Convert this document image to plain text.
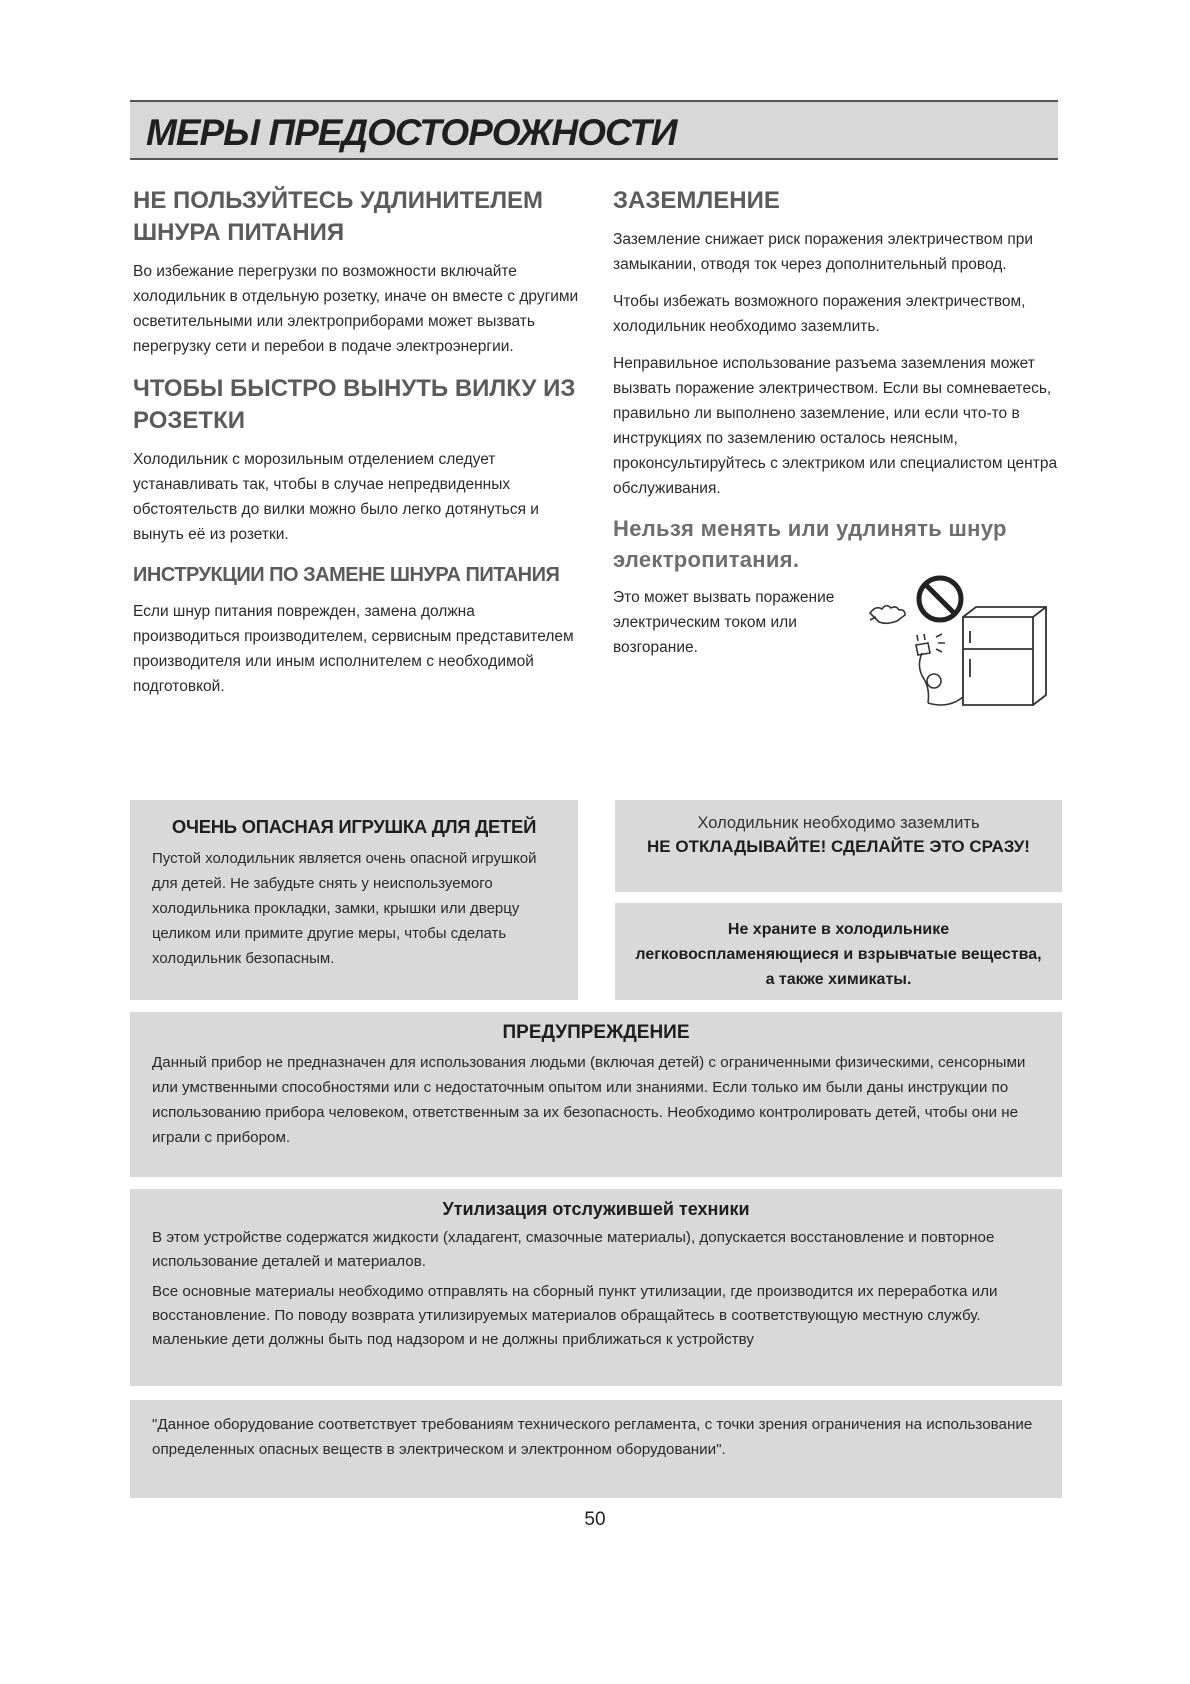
МЕРЫ ПРЕДОСТОРОЖНОСТИ
НЕ ПОЛЬЗУЙТЕСЬ УДЛИНИТЕЛЕМ ШНУРА ПИТАНИЯ

Во избежание перегрузки по возможности включайте холодильник в отдельную розетку, иначе он вместе с другими осветительными или электроприборами может вызвать перегрузку сети и перебои в подаче электроэнергии.

ЧТОБЫ БЫСТРО ВЫНУТЬ ВИЛКУ ИЗ РОЗЕТКИ

Холодильник с морозильным отделением следует устанавливать так, чтобы в случае непредвиденных обстоятельств до вилки можно было легко дотянуться и вынуть её из розетки.

ИНСТРУКЦИИ ПО ЗАМЕНЕ ШНУРА ПИТАНИЯ

Если шнур питания поврежден, замена должна производиться производителем, сервисным представителем производителя или иным исполнителем с необходимой подготовкой.

ЗАЗЕМЛЕНИЕ

Заземление снижает риск поражения электричеством при замыкании, отводя ток через дополнительный провод.

Чтобы избежать возможного поражения электричеством, холодильник необходимо заземлить.

Неправильное использование разъема заземления может вызвать поражение электричеством. Если вы сомневаетесь, правильно ли выполнено заземление, или если что-то в инструкциях по заземлению осталось неясным, проконсультируйтесь с электриком или специалистом центра обслуживания.

Нельзя менять или удлинять шнур электропитания.
Это может вызвать поражение электрическим током или возгорание.
ОЧЕНЬ ОПАСНАЯ ИГРУШКА ДЛЯ ДЕТЕЙ

Пустой холодильник является очень опасной игрушкой для детей. Не забудьте снять у неиспользуемого холодильника прокладки, замки, крышки или дверцу целиком или примите другие меры, чтобы сделать холодильник безопасным.

Холодильник необходимо заземлить
НЕ ОТКЛАДЫВАЙТЕ! СДЕЛАЙТЕ ЭТО СРАЗУ!

Не храните в холодильнике легковоспламеняющиеся и взрывчатые вещества, а также химикаты.

ПРЕДУПРЕЖДЕНИЕ

Данный прибор не предназначен для использования людьми (включая детей) с ограниченными физическими, сенсорными или умственными способностями или с недостаточным опытом или знаниями. Если только им были даны инструкции по использованию прибора человеком, ответственным за их безопасность. Необходимо контролировать детей, чтобы они не играли с прибором.

Утилизация отслужившей техники

В этом устройстве содержатся жидкости (хладагент, смазочные материалы), допускается восстановление и повторное использование деталей и материалов.

Все основные материалы необходимо отправлять на сборный пункт утилизации, где производится их переработка или восстановление. По поводу возврата утилизируемых материалов обращайтесь в соответствующую местную службу.

маленькие дети должны быть под надзором и не должны приближаться к устройству

"Данное оборудование соответствует требованиям технического регламента, с точки зрения ограничения на использование определенных опасных веществ в электрическом и электронном оборудовании".

50
